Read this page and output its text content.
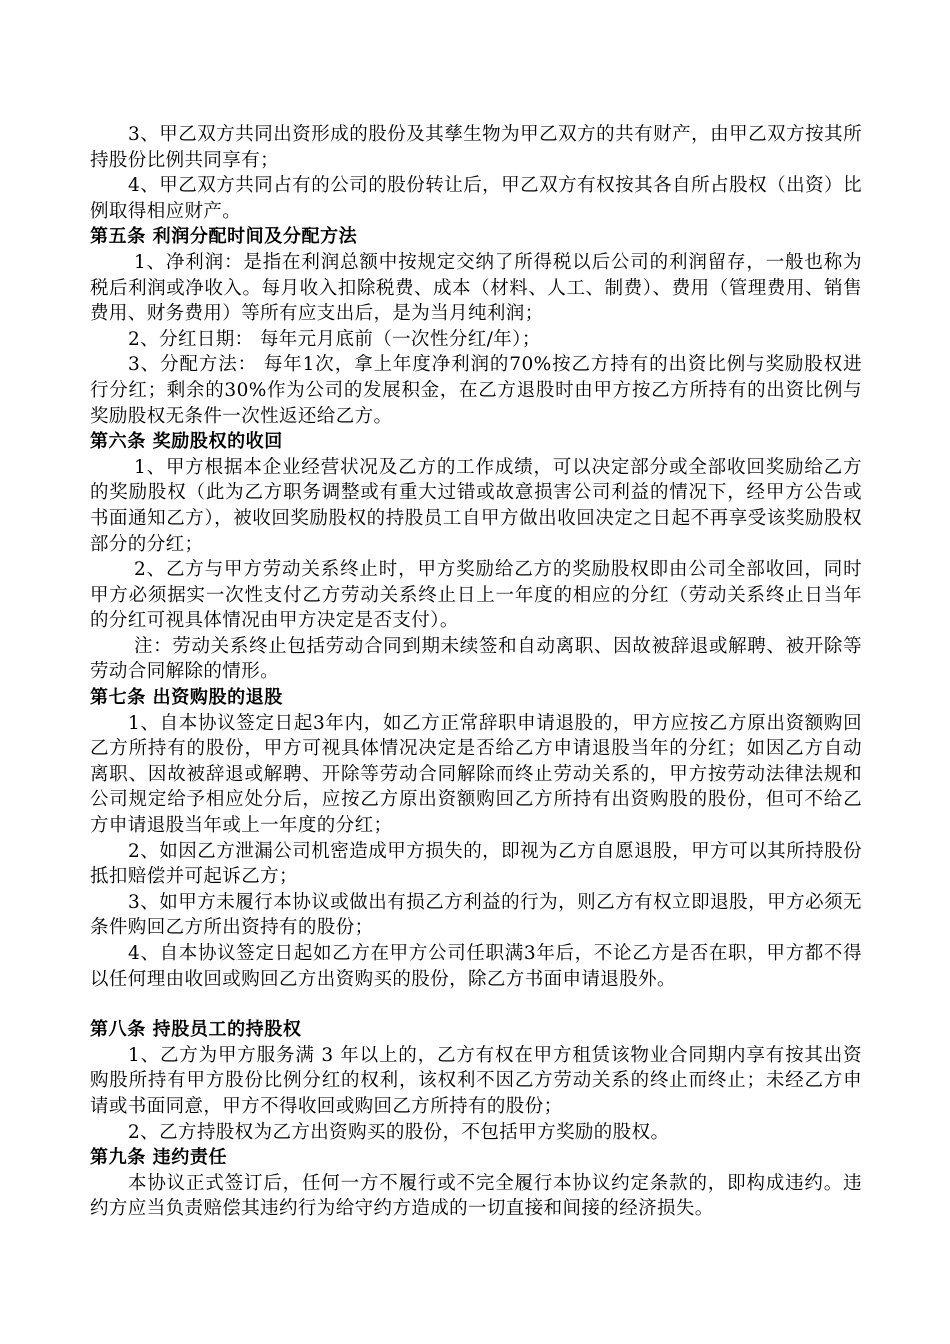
3、甲乙双方共同出资形成的股份及其孳生物为甲乙双方的共有财产，由甲乙双方按其所持股份比例共同享有；

4、甲乙双方共同占有的公司的股份转让后，甲乙双方有权按其各自所占股权（出资）比例取得相应财产。

第五条 利润分配时间及分配方法

1、净利润：是指在利润总额中按规定交纳了所得税以后公司的利润留存，一般也称为税后利润或净收入。每月收入扣除税费、成本（材料、人工、制费）、费用（管理费用、销售费用、财务费用）等所有应支出后，是为当月纯利润；

2、分红日期： 每年元月底前（一次性分红/年）；

3、分配方法： 每年1次，拿上年度净利润的70%按乙方持有的出资比例与奖励股权进行分红；剩余的30%作为公司的发展积金，在乙方退股时由甲方按乙方所持有的出资比例与奖励股权无条件一次性返还给乙方。

第六条 奖励股权的收回

1、甲方根据本企业经营状况及乙方的工作成绩，可以决定部分或全部收回奖励给乙方的奖励股权（此为乙方职务调整或有重大过错或故意损害公司利益的情况下，经甲方公告或书面通知乙方），被收回奖励股权的持股员工自甲方做出收回决定之日起不再享受该奖励股权部分的分红；

2、乙方与甲方劳动关系终止时，甲方奖励给乙方的奖励股权即由公司全部收回，同时甲方必须据实一次性支付乙方劳动关系终止日上一年度的相应的分红（劳动关系终止日当年的分红可视具体情况由甲方决定是否支付）。

注：劳动关系终止包括劳动合同到期未续签和自动离职、因故被辞退或解聘、被开除等劳动合同解除的情形。

第七条 出资购股的退股

1、自本协议签定日起3年内，如乙方正常辞职申请退股的，甲方应按乙方原出资额购回乙方所持有的股份，甲方可视具体情况决定是否给乙方申请退股当年的分红；如因乙方自动离职、因故被辞退或解聘、开除等劳动合同解除而终止劳动关系的，甲方按劳动法律法规和公司规定给予相应处分后，应按乙方原出资额购回乙方所持有出资购股的股份，但可不给乙方申请退股当年或上一年度的分红；

2、如因乙方泄漏公司机密造成甲方损失的，即视为乙方自愿退股，甲方可以其所持股份抵扣赔偿并可起诉乙方；

3、如甲方未履行本协议或做出有损乙方利益的行为，则乙方有权立即退股，甲方必须无条件购回乙方所出资持有的股份；

4、自本协议签定日起如乙方在甲方公司任职满3年后，不论乙方是否在职，甲方都不得以任何理由收回或购回乙方出资购买的股份，除乙方书面申请退股外。

第八条 持股员工的持股权

1、乙方为甲方服务满 3 年以上的，乙方有权在甲方租赁该物业合同期内享有按其出资购股所持有甲方股份比例分红的权利，该权利不因乙方劳动关系的终止而终止；未经乙方申请或书面同意，甲方不得收回或购回乙方所持有的股份；

2、乙方持股权为乙方出资购买的股份，不包括甲方奖励的股权。

第九条 违约责任

本协议正式签订后，任何一方不履行或不完全履行本协议约定条款的，即构成违约。违约方应当负责赔偿其违约行为给守约方造成的一切直接和间接的经济损失。
